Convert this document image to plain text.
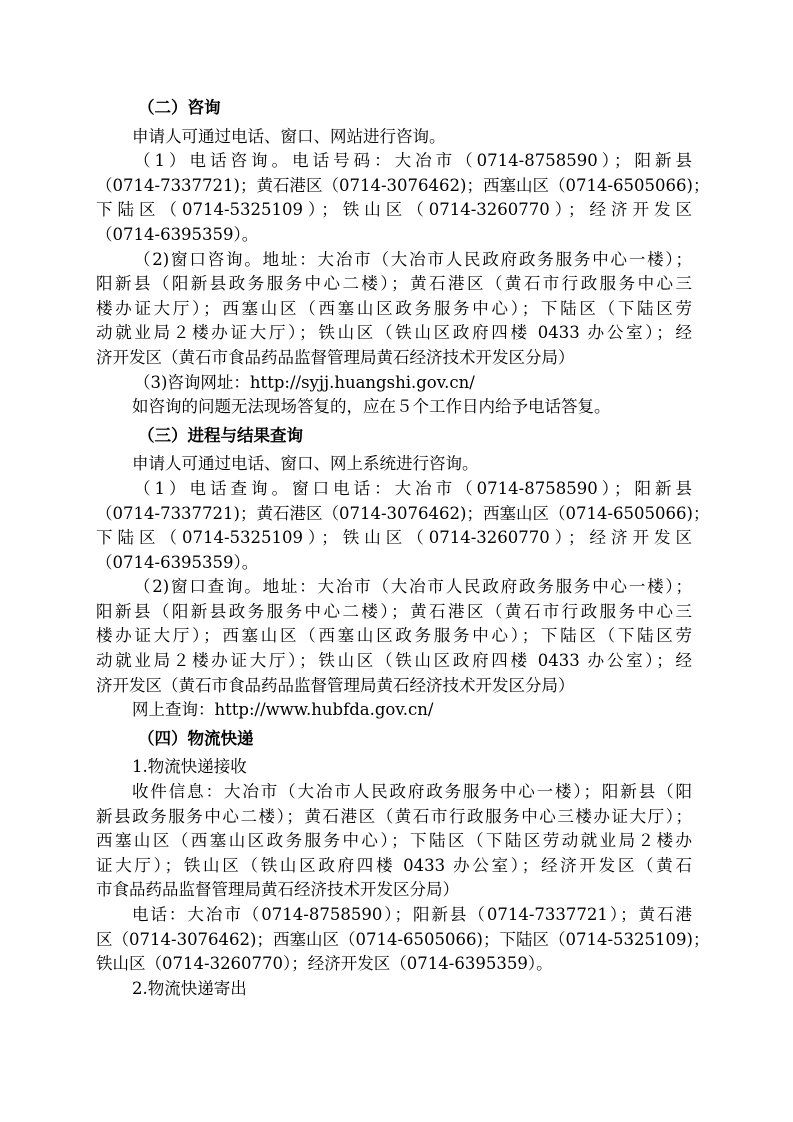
（二）咨询
申请人可通过电话、窗口、网站进行咨询。
（1）电话咨询。电话号码：大冶市（0714-8758590）；阳新县
（0714-7337721)；黄石港区（0714-3076462)；西塞山区（0714-6505066)；
下陆区（0714-5325109）；铁山区（0714-3260770）；经济开发区
（0714-6395359）。
（2)窗口咨询。地址：大冶市（大冶市人民政府政务服务中心一楼）；
阳新县（阳新县政务服务中心二楼）；黄石港区（黄石市行政服务中心三
楼办证大厅）；西塞山区（西塞山区政务服务中心）；下陆区（下陆区劳
动就业局２楼办证大厅）；铁山区（铁山区政府四楼 0433 办公室）；经
济开发区（黄石市食品药品监督管理局黄石经济技术开发区分局）
（3)咨询网址：http://syjj.huangshi.gov.cn/
如咨询的问题无法现场答复的，应在５个工作日内给予电话答复。
（三）进程与结果查询
申请人可通过电话、窗口、网上系统进行咨询。
（1）电话查询。窗口电话：大冶市（0714-8758590）；阳新县
（0714-7337721)；黄石港区（0714-3076462)；西塞山区（0714-6505066)；
下陆区（0714-5325109）；铁山区（0714-3260770）；经济开发区
（0714-6395359）。
（2)窗口查询。地址：大冶市（大冶市人民政府政务服务中心一楼）；
阳新县（阳新县政务服务中心二楼）；黄石港区（黄石市行政服务中心三
楼办证大厅）；西塞山区（西塞山区政务服务中心）；下陆区（下陆区劳
动就业局２楼办证大厅）；铁山区（铁山区政府四楼 0433 办公室）；经
济开发区（黄石市食品药品监督管理局黄石经济技术开发区分局）
网上查询：http://www.hubfda.gov.cn/
（四）物流快递
1.物流快递接收
收件信息：大冶市（大冶市人民政府政务服务中心一楼）；阳新县（阳
新县政务服务中心二楼）；黄石港区（黄石市行政服务中心三楼办证大厅）；
西塞山区（西塞山区政务服务中心）；下陆区（下陆区劳动就业局２楼办
证大厅）；铁山区（铁山区政府四楼 0433 办公室）；经济开发区（黄石
市食品药品监督管理局黄石经济技术开发区分局）
电话：大冶市（0714-8758590）；阳新县（0714-7337721）；黄石港
区（0714-3076462)；西塞山区（0714-6505066)；下陆区（0714-5325109)；
铁山区（0714-3260770）；经济开发区（0714-6395359）。
2.物流快递寄出
